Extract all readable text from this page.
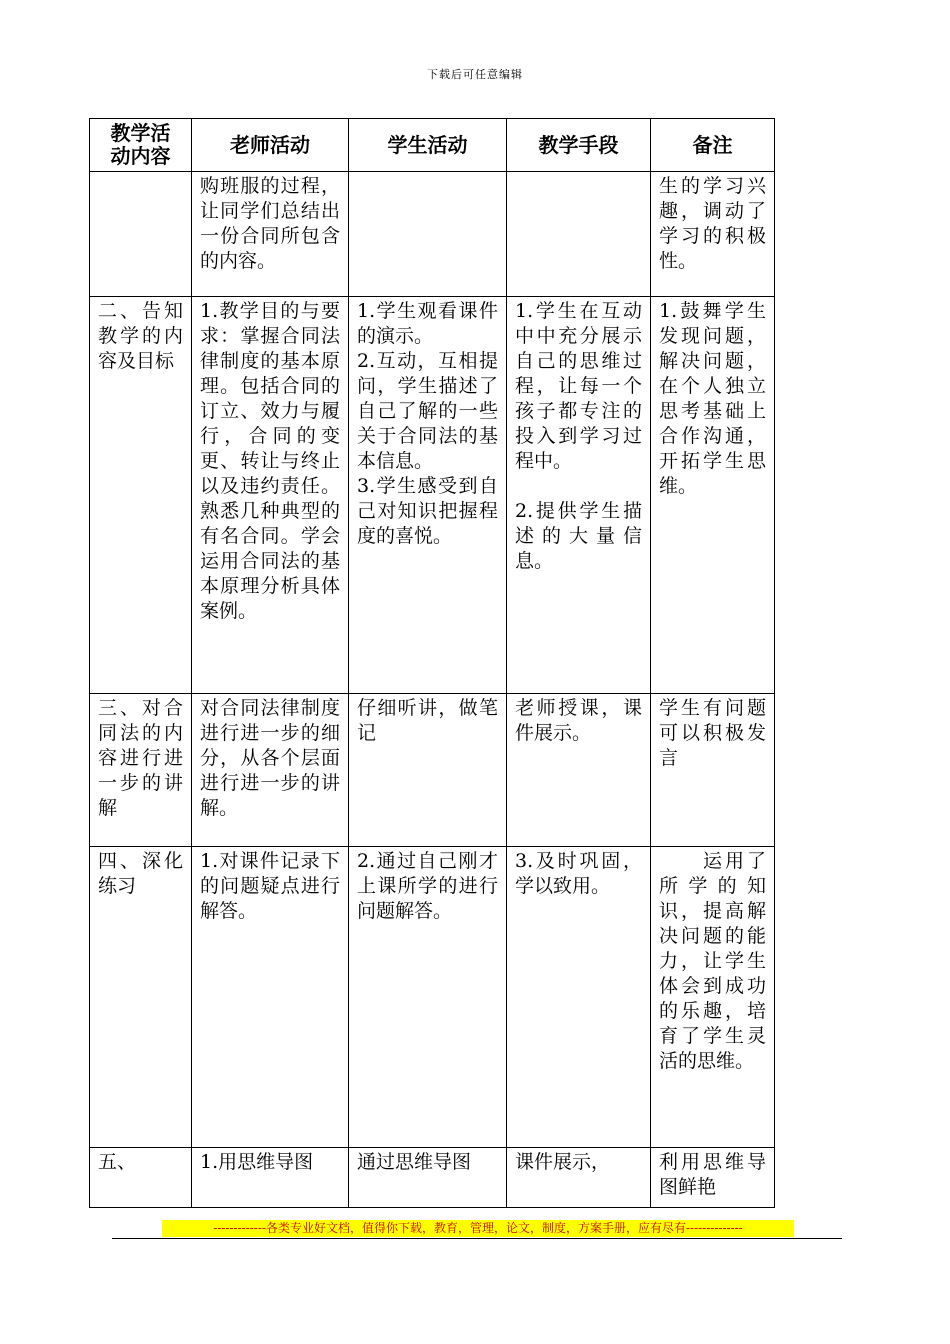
下载后可任意编辑
教学活
动内容	老师活动	学生活动	教学手段	备注
	购班服的过程，让同学们总结出一份合同所包含的内容。			生的学习兴趣，调动了学习的积极性。
二、告知教学的内容及目标	1.教学目的与要求：掌握合同法律制度的基本原理。包括合同的订立、效力与履行，合同的变更、转让与终止以及违约责任。熟悉几种典型的有名合同。学会运用合同法的基本原理分析具体案例。	1.学生观看课件的演示。
2.互动，互相提问，学生描述了自己了解的一些关于合同法的基本信息。
3.学生感受到自己对知识把握程度的喜悦。	1.学生在互动中中充分展示自己的思维过程，让每一个孩子都专注的投入到学习过程中。

2.提供学生描述的大量信息。	1.鼓舞学生发现问题，解决问题，在个人独立思考基础上合作沟通，开拓学生思维。
三、对合同法的内容进行进一步的讲解	对合同法律制度进行进一步的细分，从各个层面进行进一步的讲解。	仔细听讲，做笔记	老师授课，课件展示。	学生有问题可以积极发言
四、深化练习	1.对课件记录下的问题疑点进行解答。	2.通过自己刚才上课所学的进行问题解答。	3.及时巩固，学以致用。	　　运用了所学的知识，提高解决问题的能力，让学生体会到成功的乐趣，培育了学生灵活的思维。
五、	1.用思维导图	通过思维导图	课件展示，	利用思维导图鲜艳
-------------各类专业好文档，值得你下载，教育，管理，论文，制度，方案手册，应有尽有--------------
